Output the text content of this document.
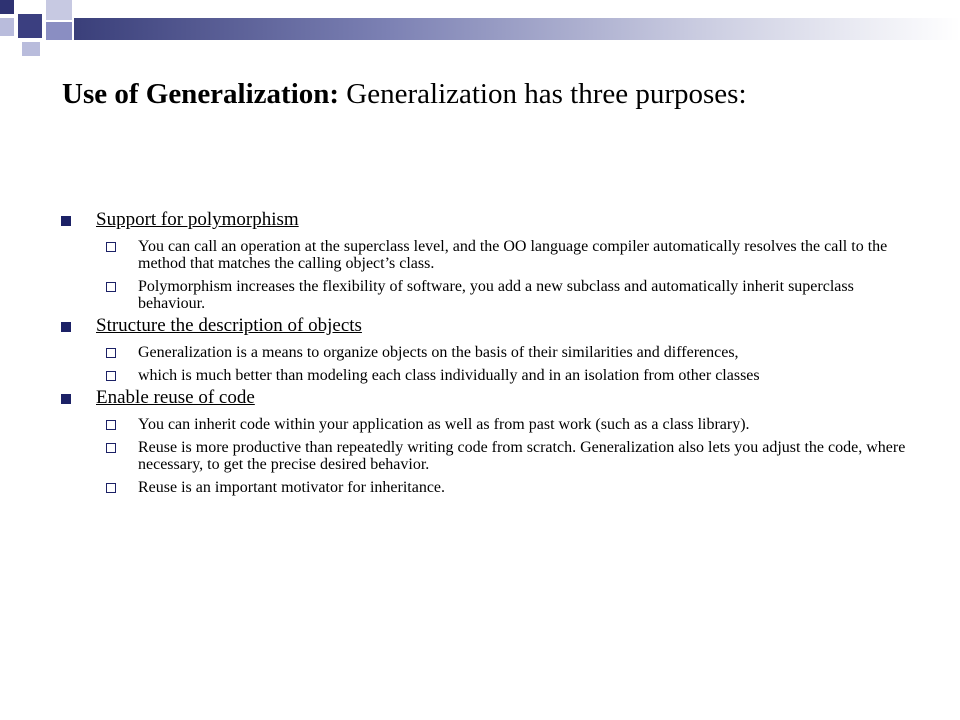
Use of Generalization: Generalization has three purposes:
Support for polymorphism
You can call an operation at the superclass level, and the OO language compiler automatically resolves the call to the method that matches the calling object’s class.
Polymorphism increases the flexibility of software, you add a new subclass and automatically inherit superclass behaviour.
Structure the description of objects
Generalization is a means to organize objects on the basis of their similarities and differences,
which is much better than modeling each class individually and in an isolation from other classes
Enable reuse of code
You can inherit code within your application as well as from past work (such as a class library).
Reuse is more productive than repeatedly writing code from scratch. Generalization also lets you adjust the code, where necessary, to get the precise desired behavior.
Reuse is an important motivator for inheritance.
